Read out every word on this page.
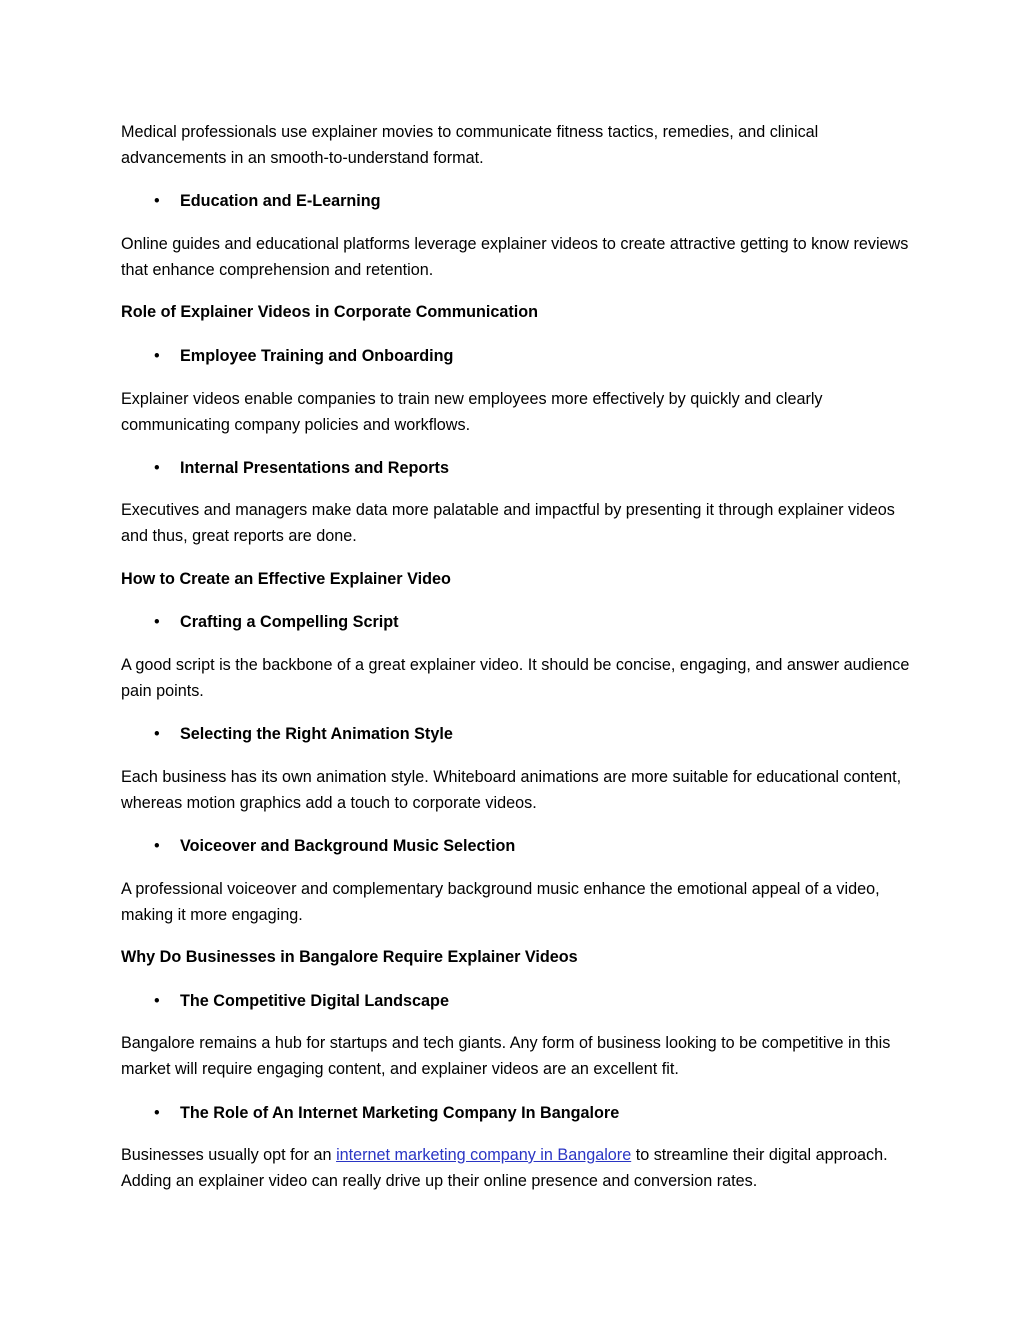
Medical professionals use explainer movies to communicate fitness tactics, remedies, and clinical advancements in an smooth-to-understand format.

• Education and E-Learning

Online guides and educational platforms leverage explainer videos to create attractive getting to know reviews that enhance comprehension and retention.

Role of Explainer Videos in Corporate Communication
• Employee Training and Onboarding

Explainer videos enable companies to train new employees more effectively by quickly and clearly communicating company policies and workflows.

• Internal Presentations and Reports

Executives and managers make data more palatable and impactful by presenting it through explainer videos and thus, great reports are done.

How to Create an Effective Explainer Video
• Crafting a Compelling Script

A good script is the backbone of a great explainer video. It should be concise, engaging, and answer audience pain points.

• Selecting the Right Animation Style

Each business has its own animation style. Whiteboard animations are more suitable for educational content, whereas motion graphics add a touch to corporate videos.

• Voiceover and Background Music Selection

A professional voiceover and complementary background music enhance the emotional appeal of a video, making it more engaging.

Why Do Businesses in Bangalore Require Explainer Videos
• The Competitive Digital Landscape

Bangalore remains a hub for startups and tech giants. Any form of business looking to be competitive in this market will require engaging content, and explainer videos are an excellent fit.

• The Role of An Internet Marketing Company In Bangalore

Businesses usually opt for an internet marketing company in Bangalore to streamline their digital approach. Adding an explainer video can really drive up their online presence and conversion rates.
